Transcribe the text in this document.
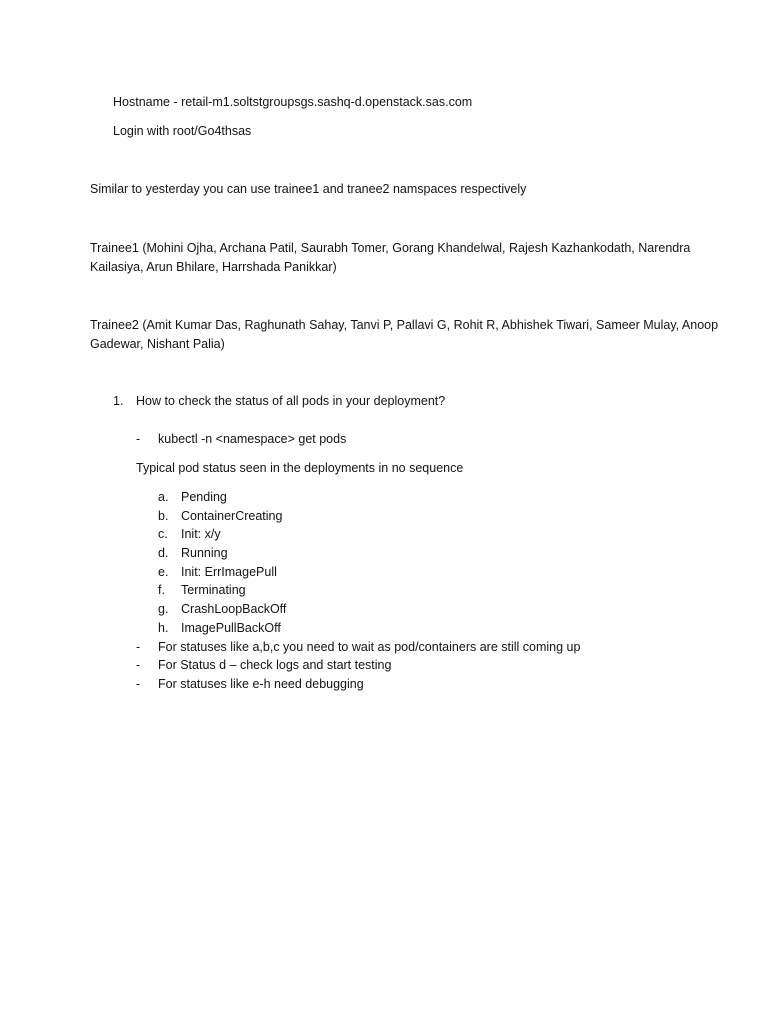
Hostname - retail-m1.soltstgroupsgs.sashq-d.openstack.sas.com
Login with root/Go4thsas
Similar to yesterday you can use trainee1 and tranee2 namspaces respectively
Trainee1 (Mohini Ojha, Archana Patil, Saurabh Tomer, Gorang Khandelwal, Rajesh Kazhankodath, Narendra Kailasiya, Arun Bhilare, Harrshada Panikkar)
Trainee2 (Amit Kumar Das, Raghunath Sahay, Tanvi P, Pallavi G, Rohit R, Abhishek Tiwari, Sameer Mulay, Anoop Gadewar, Nishant Palia)
1. How to check the status of all pods in your deployment?
- kubectl -n <namespace> get pods
Typical pod status seen in the deployments in no sequence
a. Pending
b. ContainerCreating
c. Init: x/y
d. Running
e. Init: ErrImagePull
f. Terminating
g. CrashLoopBackOff
h. ImagePullBackOff
- For statuses like a,b,c you need to wait as pod/containers are still coming up
- For Status d – check logs and start testing
- For statuses like e-h need debugging
